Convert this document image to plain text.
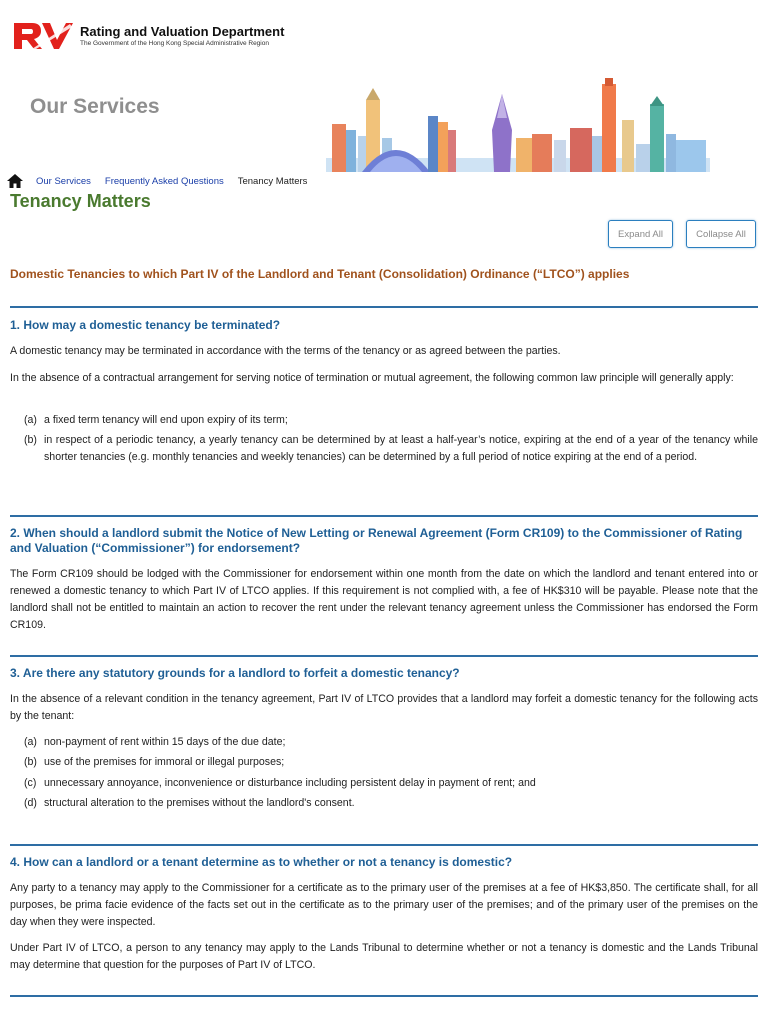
Rating and Valuation Department
The Government of the Hong Kong Special Administrative Region
Our Services
Our Services Frequently Asked Questions Tenancy Matters
Tenancy Matters
Expand All	Collapse All
Domestic Tenancies to which Part IV of the Landlord and Tenant (Consolidation) Ordinance (“LTCO”) applies
1. How may a domestic tenancy be terminated?
A domestic tenancy may be terminated in accordance with the terms of the tenancy or as agreed between the parties.
In the absence of a contractual arrangement for serving notice of termination or mutual agreement, the following common law principle will generally apply:
(a) a fixed term tenancy will end upon expiry of its term;
(b) in respect of a periodic tenancy, a yearly tenancy can be determined by at least a half-year’s notice, expiring at the end of a year of the tenancy while shorter tenancies (e.g. monthly tenancies and weekly tenancies) can be determined by a full period of notice expiring at the end of a period.
2. When should a landlord submit the Notice of New Letting or Renewal Agreement (Form CR109) to the Commissioner of Rating and Valuation (“Commissioner”) for endorsement?
The Form CR109 should be lodged with the Commissioner for endorsement within one month from the date on which the landlord and tenant entered into or renewed a domestic tenancy to which Part IV of LTCO applies. If this requirement is not complied with, a fee of HK$310 will be payable. Please note that the landlord shall not be entitled to maintain an action to recover the rent under the relevant tenancy agreement unless the Commissioner has endorsed the Form CR109.
3. Are there any statutory grounds for a landlord to forfeit a domestic tenancy?
In the absence of a relevant condition in the tenancy agreement, Part IV of LTCO provides that a landlord may forfeit a domestic tenancy for the following acts by the tenant:
(a) non-payment of rent within 15 days of the due date;
(b) use of the premises for immoral or illegal purposes;
(c) unnecessary annoyance, inconvenience or disturbance including persistent delay in payment of rent; and
(d) structural alteration to the premises without the landlord's consent.
4. How can a landlord or a tenant determine as to whether or not a tenancy is domestic?
Any party to a tenancy may apply to the Commissioner for a certificate as to the primary user of the premises at a fee of HK$3,850. The certificate shall, for all purposes, be prima facie evidence of the facts set out in the certificate as to the primary user of the premises; and of the primary user of the premises on the day when they were inspected.
Under Part IV of LTCO, a person to any tenancy may apply to the Lands Tribunal to determine whether or not a tenancy is domestic and the Lands Tribunal may determine that question for the purposes of Part IV of LTCO.
